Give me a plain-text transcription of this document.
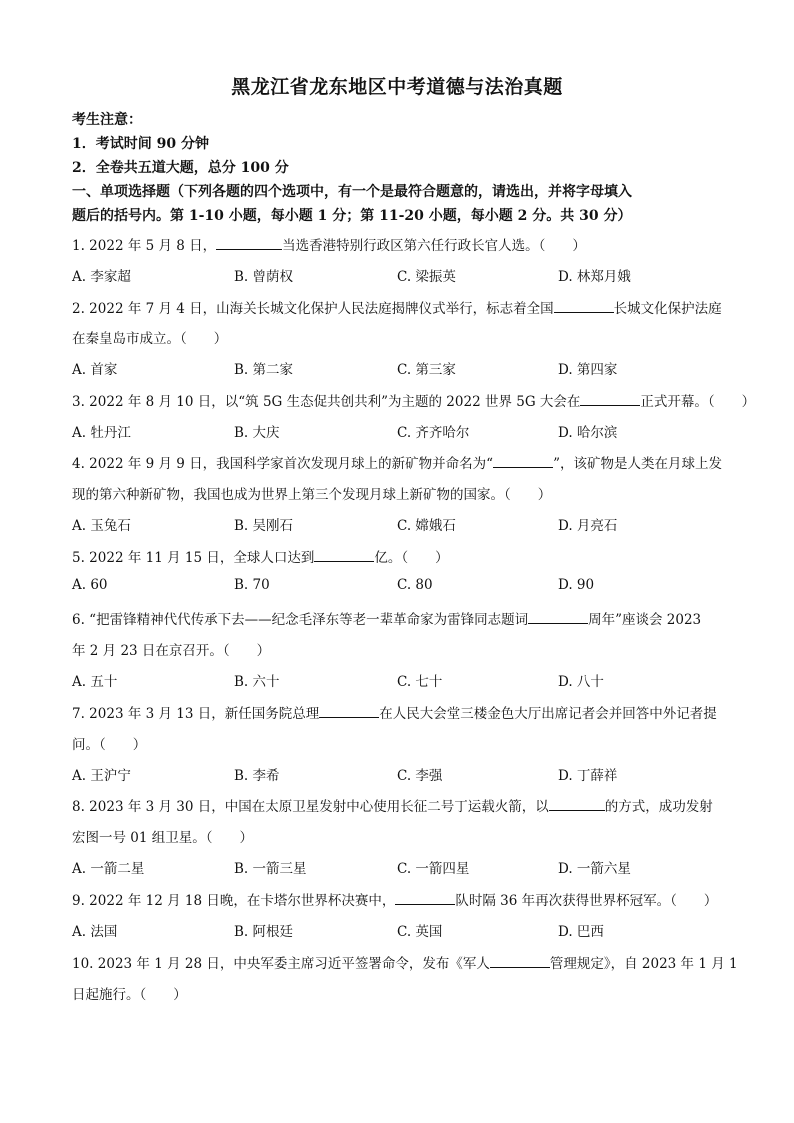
黑龙江省龙东地区中考道德与法治真题
考生注意：
1．考试时间 90 分钟
2．全卷共五道大题，总分 100 分
一、单项选择题（下列各题的四个选项中，有一个是最符合题意的，请选出，并将字母填入
题后的括号内。第 1-10 小题，每小题 1 分；第 11-20 小题，每小题 2 分。共 30 分）
1. 2022 年 5 月 8 日，	当选香港特别行政区第六任行政长官人选。（　　）
A. 李家超	B. 曾荫权	C. 梁振英	D. 林郑月娥
2. 2022 年 7 月 4 日，山海关长城文化保护人民法庭揭牌仪式举行，标志着全国	长城文化保护法庭
在秦皇岛市成立。（　　）
A. 首家	B. 第二家	C. 第三家	D. 第四家
3. 2022 年 8 月 10 日，以“筑 5G 生态促共创共利”为主题的 2022 世界 5G 大会在	正式开幕。（　　）
A. 牡丹江	B. 大庆	C. 齐齐哈尔	D. 哈尔滨
4. 2022 年 9 月 9 日，我国科学家首次发现月球上的新矿物并命名为“	”，该矿物是人类在月球上发
现的第六种新矿物，我国也成为世界上第三个发现月球上新矿物的国家。（　　）
A. 玉兔石	B. 吴刚石	C. 嫦娥石	D. 月亮石
5. 2022 年 11 月 15 日，全球人口达到	亿。（　　）
A. 60	B. 70	C. 80	D. 90
6. “把雷锋精神代代传承下去——纪念毛泽东等老一辈革命家为雷锋同志题词	周年”座谈会 2023
年 2 月 23 日在京召开。（　　）
A. 五十	B. 六十	C. 七十	D. 八十
7. 2023 年 3 月 13 日，新任国务院总理	在人民大会堂三楼金色大厅出席记者会并回答中外记者提
问。（　　）
A. 王沪宁	B. 李希	C. 李强	D. 丁薛祥
8. 2023 年 3 月 30 日，中国在太原卫星发射中心使用长征二号丁运载火箭，以	的方式，成功发射
宏图一号 01 组卫星。（　　）
A. 一箭二星	B. 一箭三星	C. 一箭四星	D. 一箭六星
9. 2022 年 12 月 18 日晚，在卡塔尔世界杯决赛中，	队时隔 36 年再次获得世界杯冠军。（　　）
A. 法国	B. 阿根廷	C. 英国	D. 巴西
10. 2023 年 1 月 28 日，中央军委主席习近平签署命令，发布《军人	管理规定》，自 2023 年 1 月 1
日起施行。（　　）
